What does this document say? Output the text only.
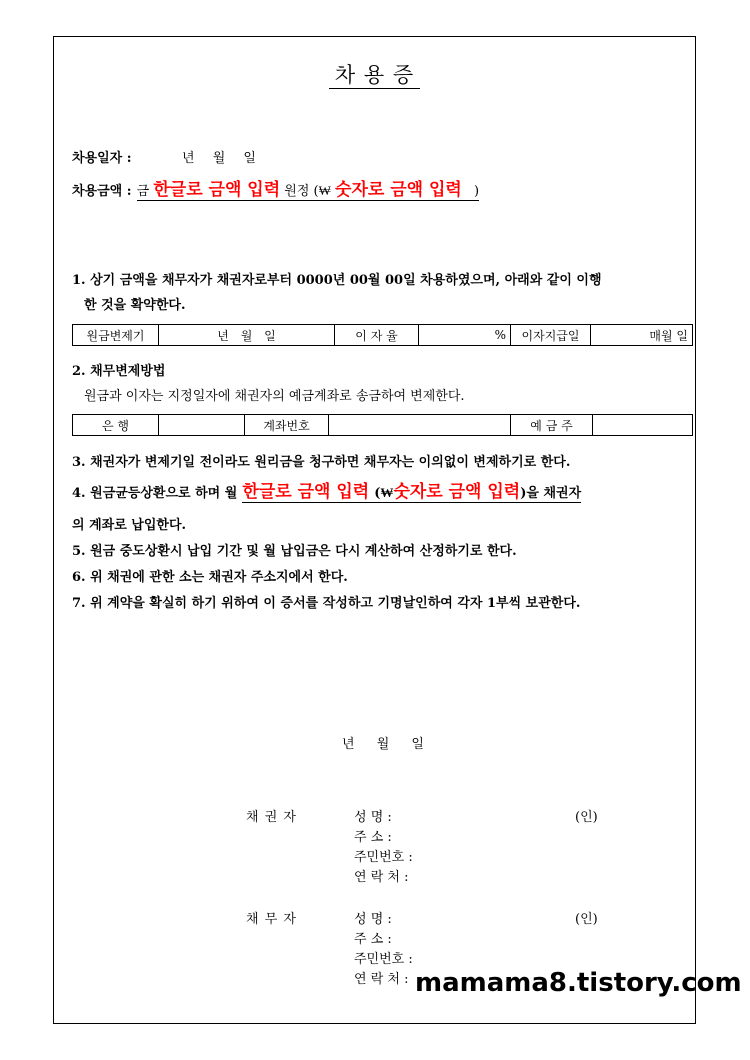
차 용 증
차용일자 :	년 월 일
차용금액 : 금 한글로 금액 입력 원정 (₩ 숫자로 금액 입력 )
1. 상기 금액을 채무자가 채권자로부터 0000년 00월 00일 차용하였으며, 아래와 같이 이행
한 것을 확약한다.
원금변제기	년 월 일	이 자 율	%	이자지급일	매월 일
2. 채무변제방법
원금과 이자는 지정일자에 채권자의 예금계좌로 송금하여 변제한다.
은 행		계좌번호		예 금 주	
3. 채권자가 변제기일 전이라도 원리금을 청구하면 채무자는 이의없이 변제하기로 한다.
4. 원금균등상환으로 하며 월 한글로 금액 입력 (₩숫자로 금액 입력)을 채권자
의 계좌로 납입한다.
5. 원금 중도상환시 납입 기간 및 월 납입금은 다시 계산하여 산정하기로 한다.
6. 위 채권에 관한 소는 채권자 주소지에서 한다.
7. 위 계약을 확실히 하기 위하여 이 증서를 작성하고 기명날인하여 각자 1부씩 보관한다.
년 월 일
채 권 자	성 명 :
주 소 :
주민번호 :
연 락 처 :
(인)
채 무 자	성 명 :
주 소 :
주민번호 :
연 락 처 :
(인)
mamama8.tistory.com
